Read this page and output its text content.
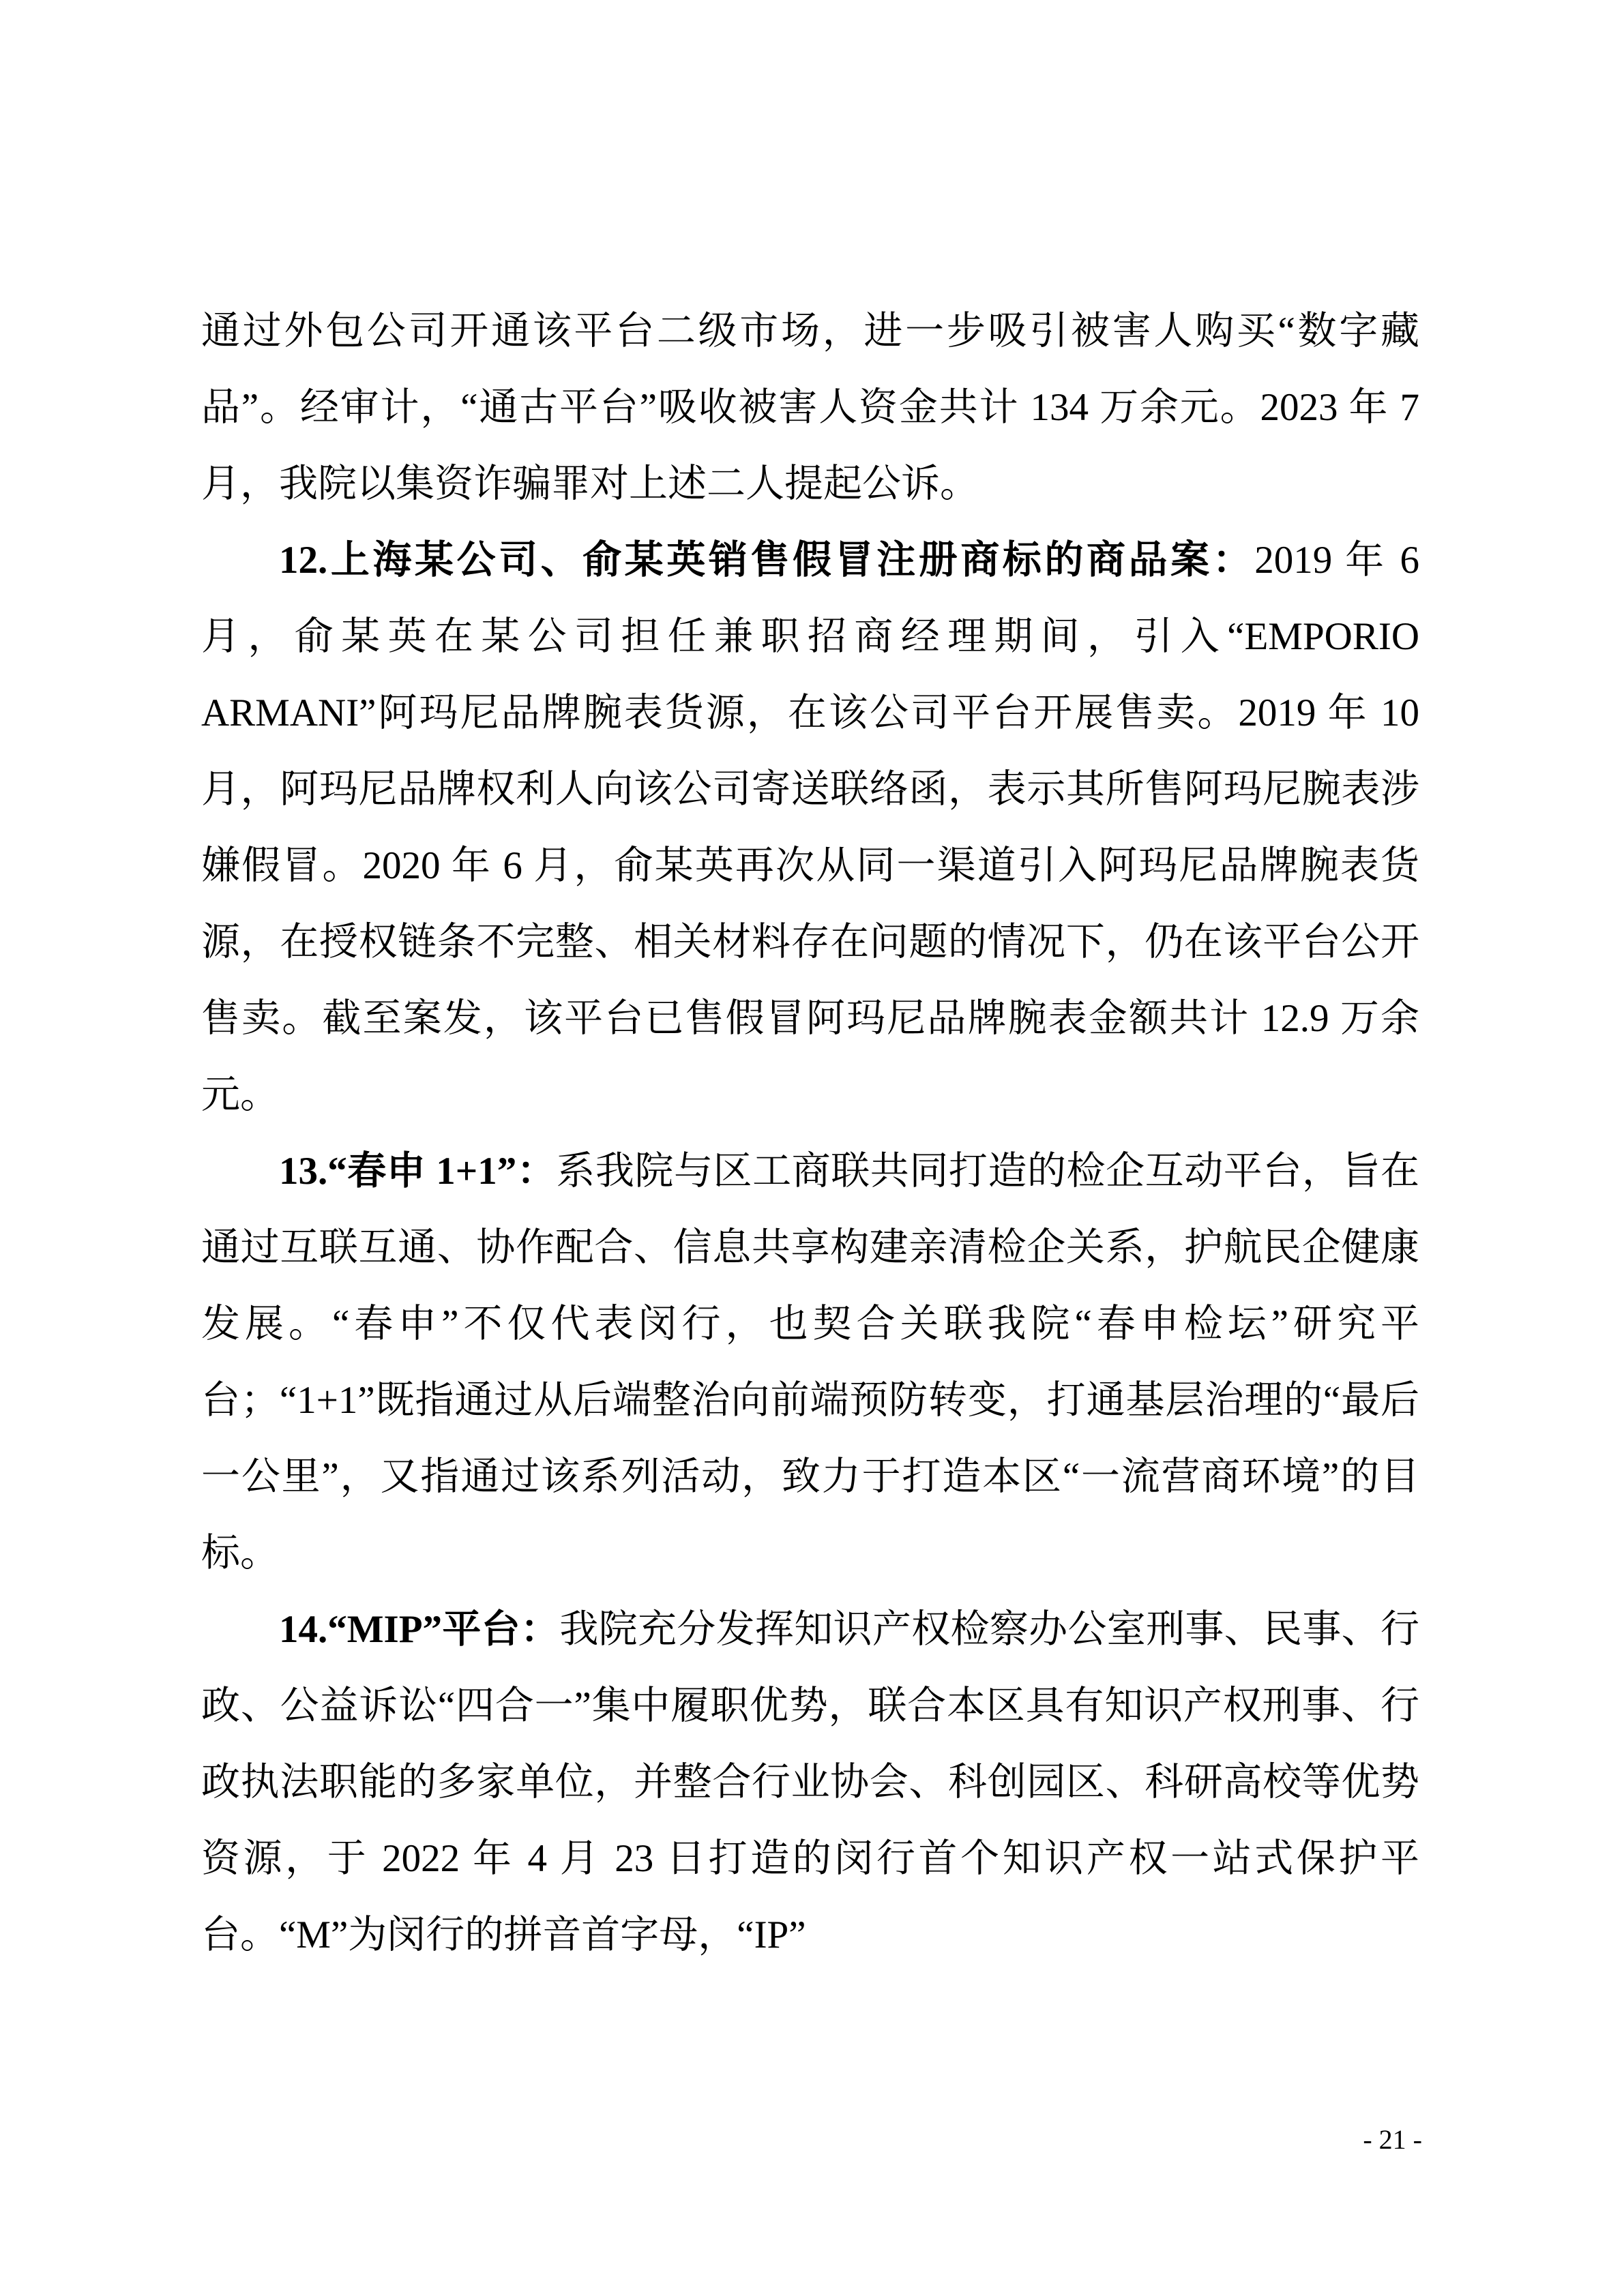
通过外包公司开通该平台二级市场，进一步吸引被害人购买“数字藏品”。经审计，“通古平台”吸收被害人资金共计 134 万余元。2023 年 7 月，我院以集资诈骗罪对上述二人提起公诉。

12.上海某公司、俞某英销售假冒注册商标的商品案：2019 年 6 月，俞某英在某公司担任兼职招商经理期间，引入“EMPORIO ARMANI”阿玛尼品牌腕表货源，在该公司平台开展售卖。2019 年 10 月，阿玛尼品牌权利人向该公司寄送联络函，表示其所售阿玛尼腕表涉嫌假冒。2020 年 6 月，俞某英再次从同一渠道引入阿玛尼品牌腕表货源，在授权链条不完整、相关材料存在问题的情况下，仍在该平台公开售卖。截至案发，该平台已售假冒阿玛尼品牌腕表金额共计 12.9 万余元。

13.“春申 1+1”：系我院与区工商联共同打造的检企互动平台，旨在通过互联互通、协作配合、信息共享构建亲清检企关系，护航民企健康发展。“春申”不仅代表闵行，也契合关联我院“春申检坛”研究平台；“1+1”既指通过从后端整治向前端预防转变，打通基层治理的“最后一公里”，又指通过该系列活动，致力于打造本区“一流营商环境”的目标。

14.“MIP”平台：我院充分发挥知识产权检察办公室刑事、民事、行政、公益诉讼“四合一”集中履职优势，联合本区具有知识产权刑事、行政执法职能的多家单位，并整合行业协会、科创园区、科研高校等优势资源，于 2022 年 4 月 23 日打造的闵行首个知识产权一站式保护平台。“M”为闵行的拼音首字母，“IP”

- 21 -
